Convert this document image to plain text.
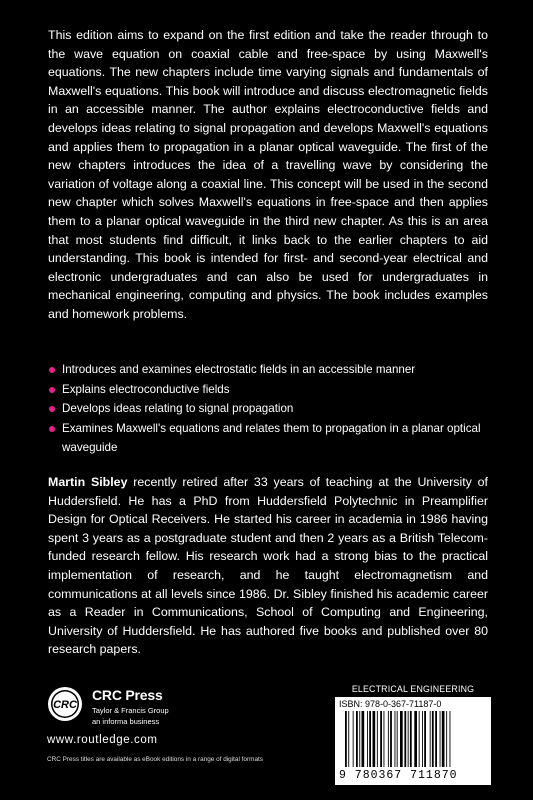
This edition aims to expand on the first edition and take the reader through to the wave equation on coaxial cable and free-space by using Maxwell's equations. The new chapters include time varying signals and fundamentals of Maxwell's equations. This book will introduce and discuss electromagnetic fields in an accessible manner. The author explains electroconductive fields and develops ideas relating to signal propagation and develops Maxwell's equations and applies them to propagation in a planar optical waveguide. The first of the new chapters introduces the idea of a travelling wave by considering the variation of voltage along a coaxial line. This concept will be used in the second new chapter which solves Maxwell's equations in free-space and then applies them to a planar optical waveguide in the third new chapter. As this is an area that most students find difficult, it links back to the earlier chapters to aid understanding. This book is intended for first- and second-year electrical and electronic undergraduates and can also be used for undergraduates in mechanical engineering, computing and physics. The book includes examples and homework problems.

Introduces and examines electrostatic fields in an accessible manner
Explains electroconductive fields
Develops ideas relating to signal propagation
Examines Maxwell's equations and relates them to propagation in a planar optical waveguide

Martin Sibley recently retired after 33 years of teaching at the University of Huddersfield. He has a PhD from Huddersfield Polytechnic in Preamplifier Design for Optical Receivers. He started his career in academia in 1986 having spent 3 years as a postgraduate student and then 2 years as a British Telecom-funded research fellow. His research work had a strong bias to the practical implementation of research, and he taught electromagnetism and communications at all levels since 1986. Dr. Sibley finished his academic career as a Reader in Communications, School of Computing and Engineering, University of Huddersfield. He has authored five books and published over 80 research papers.

CRC
CRC Press
Taylor & Francis Group
an informa business
www.routledge.com
CRC Press titles are available as eBook editions in a range of digital formats
ELECTRICAL ENGINEERING
ISBN: 978-0-367-71187-0
9 780367 711870
